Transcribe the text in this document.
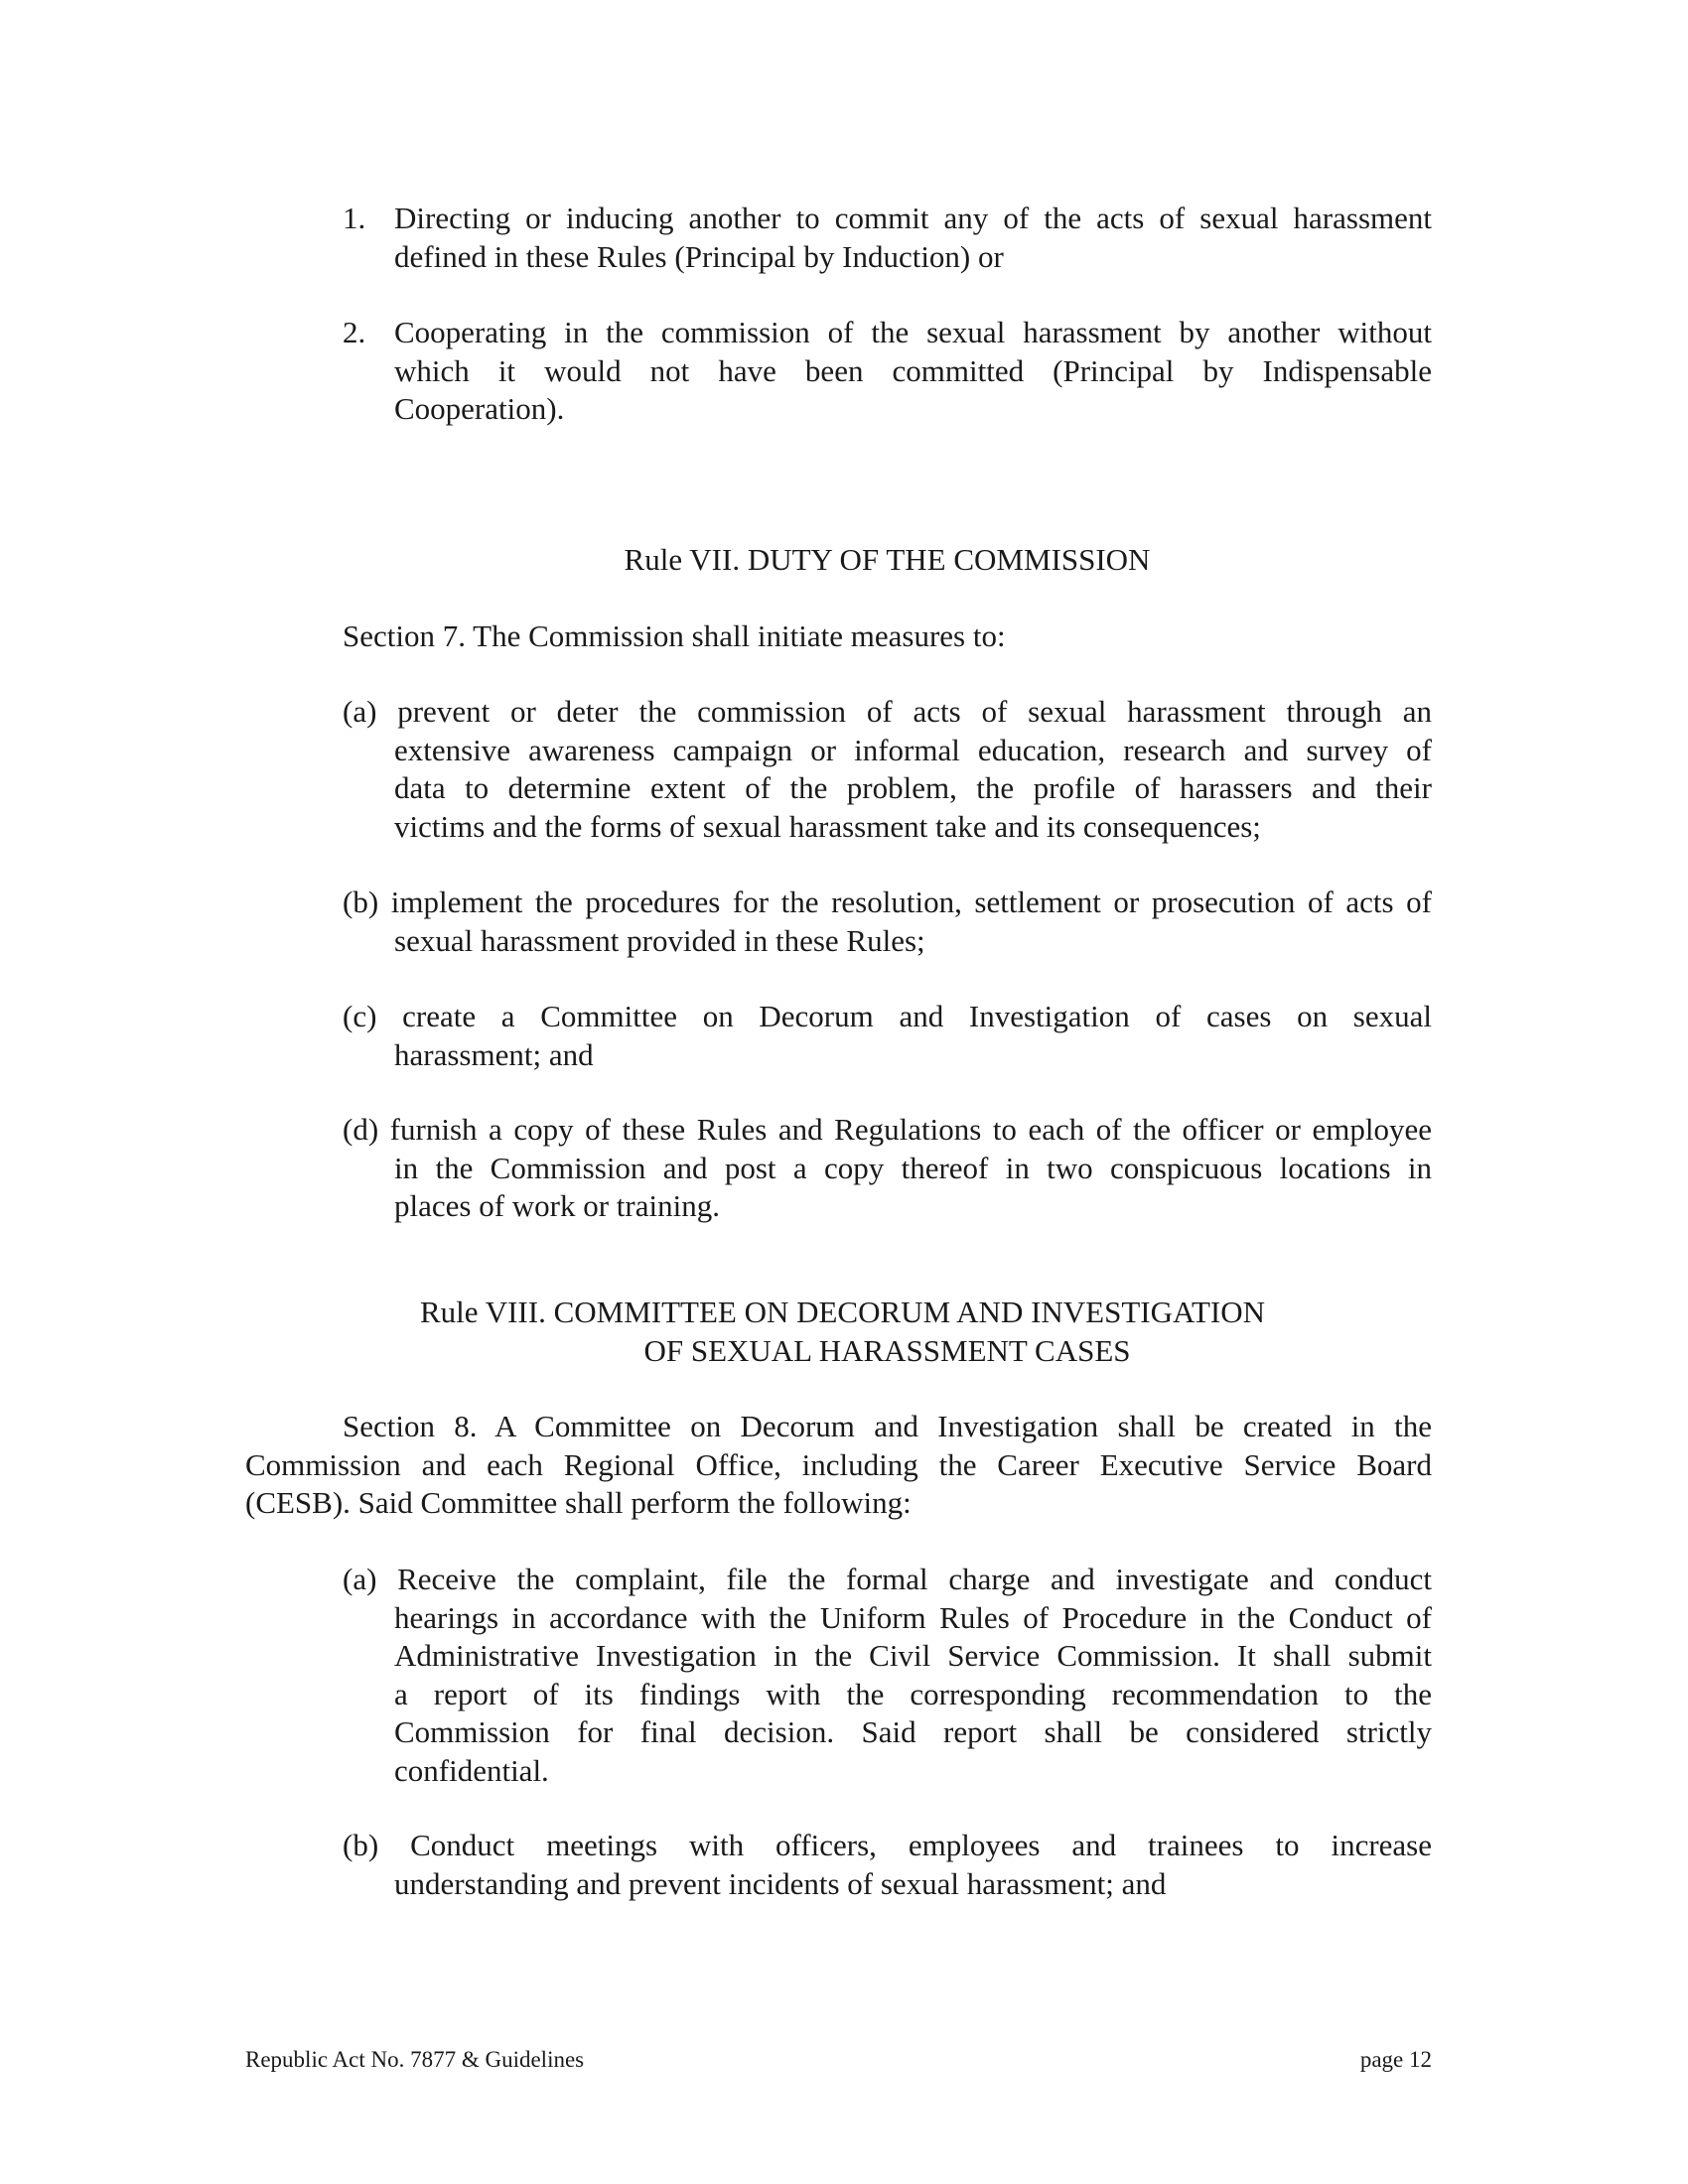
1. Directing or inducing another to commit any of the acts of sexual harassment
defined in these Rules (Principal by Induction) or
2. Cooperating in the commission of the sexual harassment by another without
which it would not have been committed (Principal by Indispensable
Cooperation).
Rule VII. DUTY OF THE COMMISSION
Section 7. The Commission shall initiate measures to:
(a) prevent or deter the commission of acts of sexual harassment through an
extensive awareness campaign or informal education, research and survey of
data to determine extent of the problem, the profile of harassers and their
victims and the forms of sexual harassment take and its consequences;
(b) implement the procedures for the resolution, settlement or prosecution of acts of
sexual harassment provided in these Rules;
(c) create a Committee on Decorum and Investigation of cases on sexual
harassment; and
(d) furnish a copy of these Rules and Regulations to each of the officer or employee
in the Commission and post a copy thereof in two conspicuous locations in
places of work or training.
Rule VIII. COMMITTEE ON DECORUM AND INVESTIGATION
OF SEXUAL HARASSMENT CASES
Section 8. A Committee on Decorum and Investigation shall be created in the
Commission and each Regional Office, including the Career Executive Service Board
(CESB). Said Committee shall perform the following:
(a) Receive the complaint, file the formal charge and investigate and conduct
hearings in accordance with the Uniform Rules of Procedure in the Conduct of
Administrative Investigation in the Civil Service Commission. It shall submit
a report of its findings with the corresponding recommendation to the
Commission for final decision. Said report shall be considered strictly
confidential.
(b) Conduct meetings with officers, employees and trainees to increase
understanding and prevent incidents of sexual harassment; and
Republic Act No. 7877 & Guidelines	page 12
